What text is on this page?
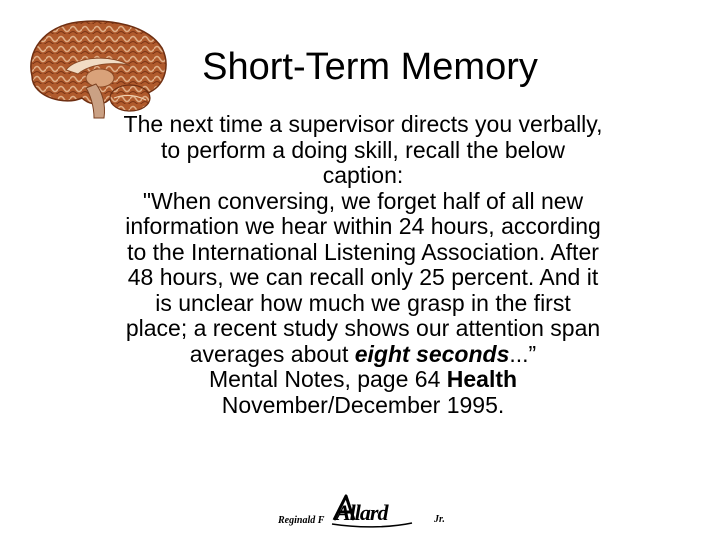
Short-Term Memory
The next time a supervisor directs you verbally,
to perform a doing skill, recall the below
caption:
"When conversing, we forget half of all new
information we hear within 24 hours, according
to the International Listening Association. After
48 hours, we can recall only 25 percent. And it
is unclear how much we grasp in the first
place; a recent study shows our attention span
averages about eight seconds...”
Mental Notes, page 64 Health
November/December 1995.
Reginald F Allard	Jr.
